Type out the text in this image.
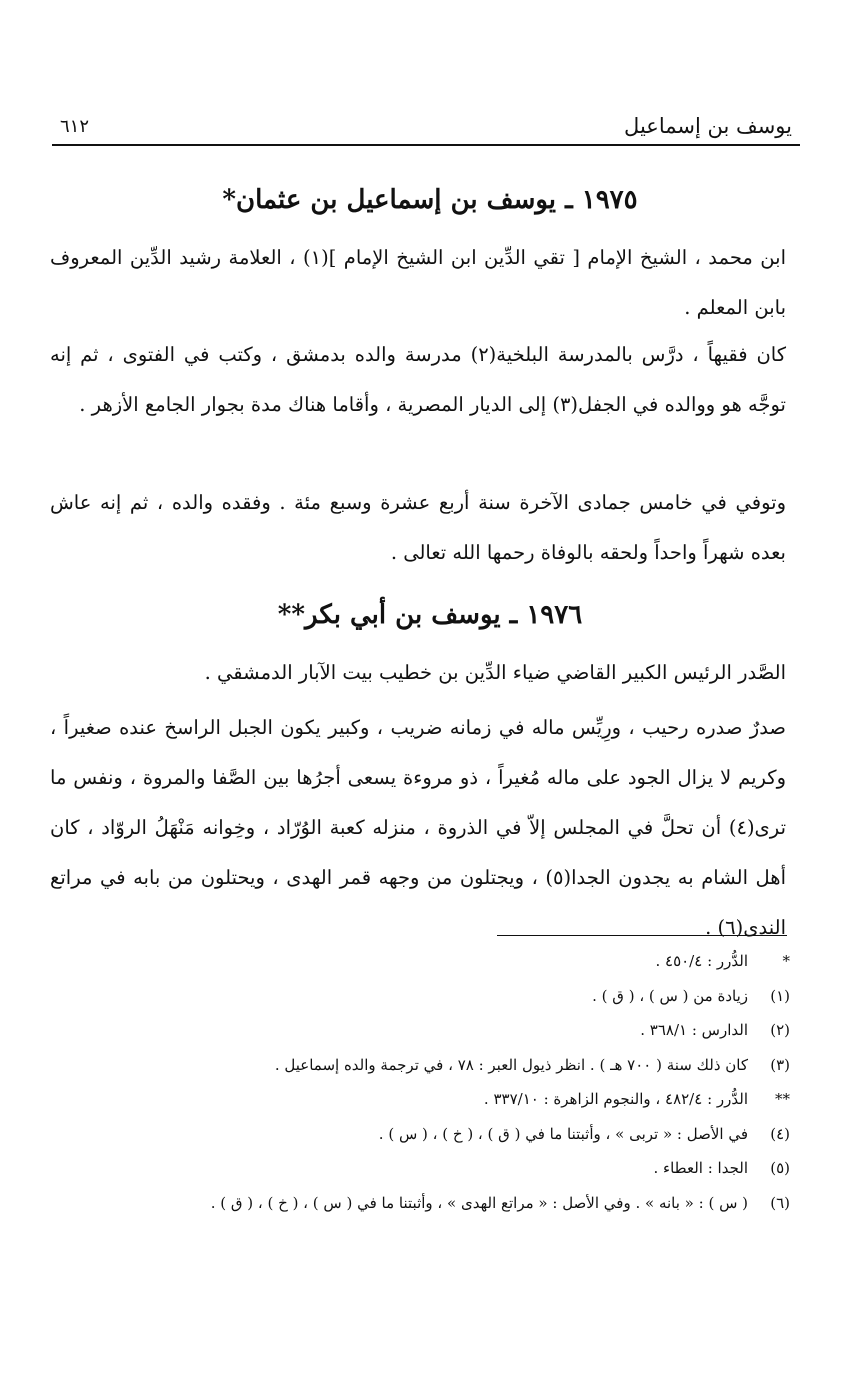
يوسف بن إسماعيل
٦١٢
١٩٧٥ ـ يوسف بن إسماعيل بن عثمان*
ابن محمد ، الشيخ الإمام [ تقي الدِّين ابن الشيخ الإمام ](١) ، العلامة رشيد الدِّين المعروف بابن المعلم .
كان فقيهاً ، درَّس بالمدرسة البلخية(٢) مدرسة والده بدمشق ، وكتب في الفتوى ، ثم إنه توجَّه هو ووالده في الجفل(٣) إلى الديار المصرية ، وأقاما هناك مدة بجوار الجامع الأزهر .
وتوفي في خامس جمادى الآخرة سنة أربع عشرة وسبع مئة . وفقده والده ، ثم إنه عاش بعده شهراً واحداً ولحقه بالوفاة رحمها الله تعالى .
١٩٧٦ ـ يوسف بن أبي بكر**
الصَّدر الرئيس الكبير القاضي ضياء الدِّين بن خطيب بيت الآبار الدمشقي .
صدرٌ صدره رحيب ، ورِيِّس ماله في زمانه ضريب ، وكبير يكون الجبل الراسخ عنده صغيراً ، وكريم لا يزال الجود على ماله مُغيراً ، ذو مروءة يسعى أجرُها بين الصَّفا والمروة ، ونفس ما ترى(٤) أن تحلَّ في المجلس إلاّ في الذروة ، منزله كعبة الوُرّاد ، وخِوانه مَنْهَلُ الروّاد ، كان أهل الشام به يجدون الجدا(٥) ، ويجتلون من وجهه قمر الهدى ، ويحتلون من بابه في مراتع الندى(٦) .
*
الدُّرر : ٤٥٠/٤ .
(١)
زيادة من ( س ) ، ( ق ) .
(٢)
الدارس : ٣٦٨/١ .
(٣)
كان ذلك سنة ( ٧٠٠ هـ ) . انظر ذيول العبر : ٧٨ ، في ترجمة والده إسماعيل .
**
الدُّرر : ٤٨٢/٤ ، والنجوم الزاهرة : ٣٣٧/١٠ .
(٤)
في الأصل : « تربى » ، وأثبتنا ما في ( ق ) ، ( خ ) ، ( س ) .
(٥)
الجدا : العطاء .
(٦)
( س ) : « بانه » . وفي الأصل : « مراتع الهدى » ، وأثبتنا ما في ( س ) ، ( خ ) ، ( ق ) .
